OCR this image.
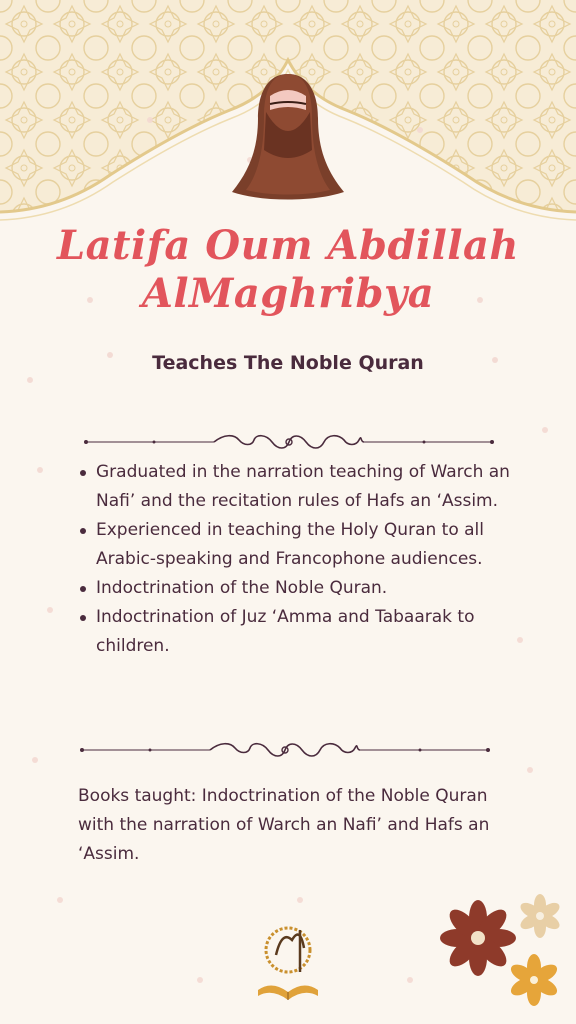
Latifa Oum Abdillah
AlMaghribya
Teaches The Noble Quran
Graduated in the narration teaching of Warch an Nafi’ and the recitation rules of Hafs an ‘Assim.
Experienced in teaching the Holy Quran to all Arabic-speaking and Francophone audiences.
Indoctrination of the Noble Quran.
Indoctrination of Juz ‘Amma and Tabaarak to children.

Books taught: Indoctrination of the Noble Quran with the narration of Warch an Nafi’ and Hafs an ‘Assim.
